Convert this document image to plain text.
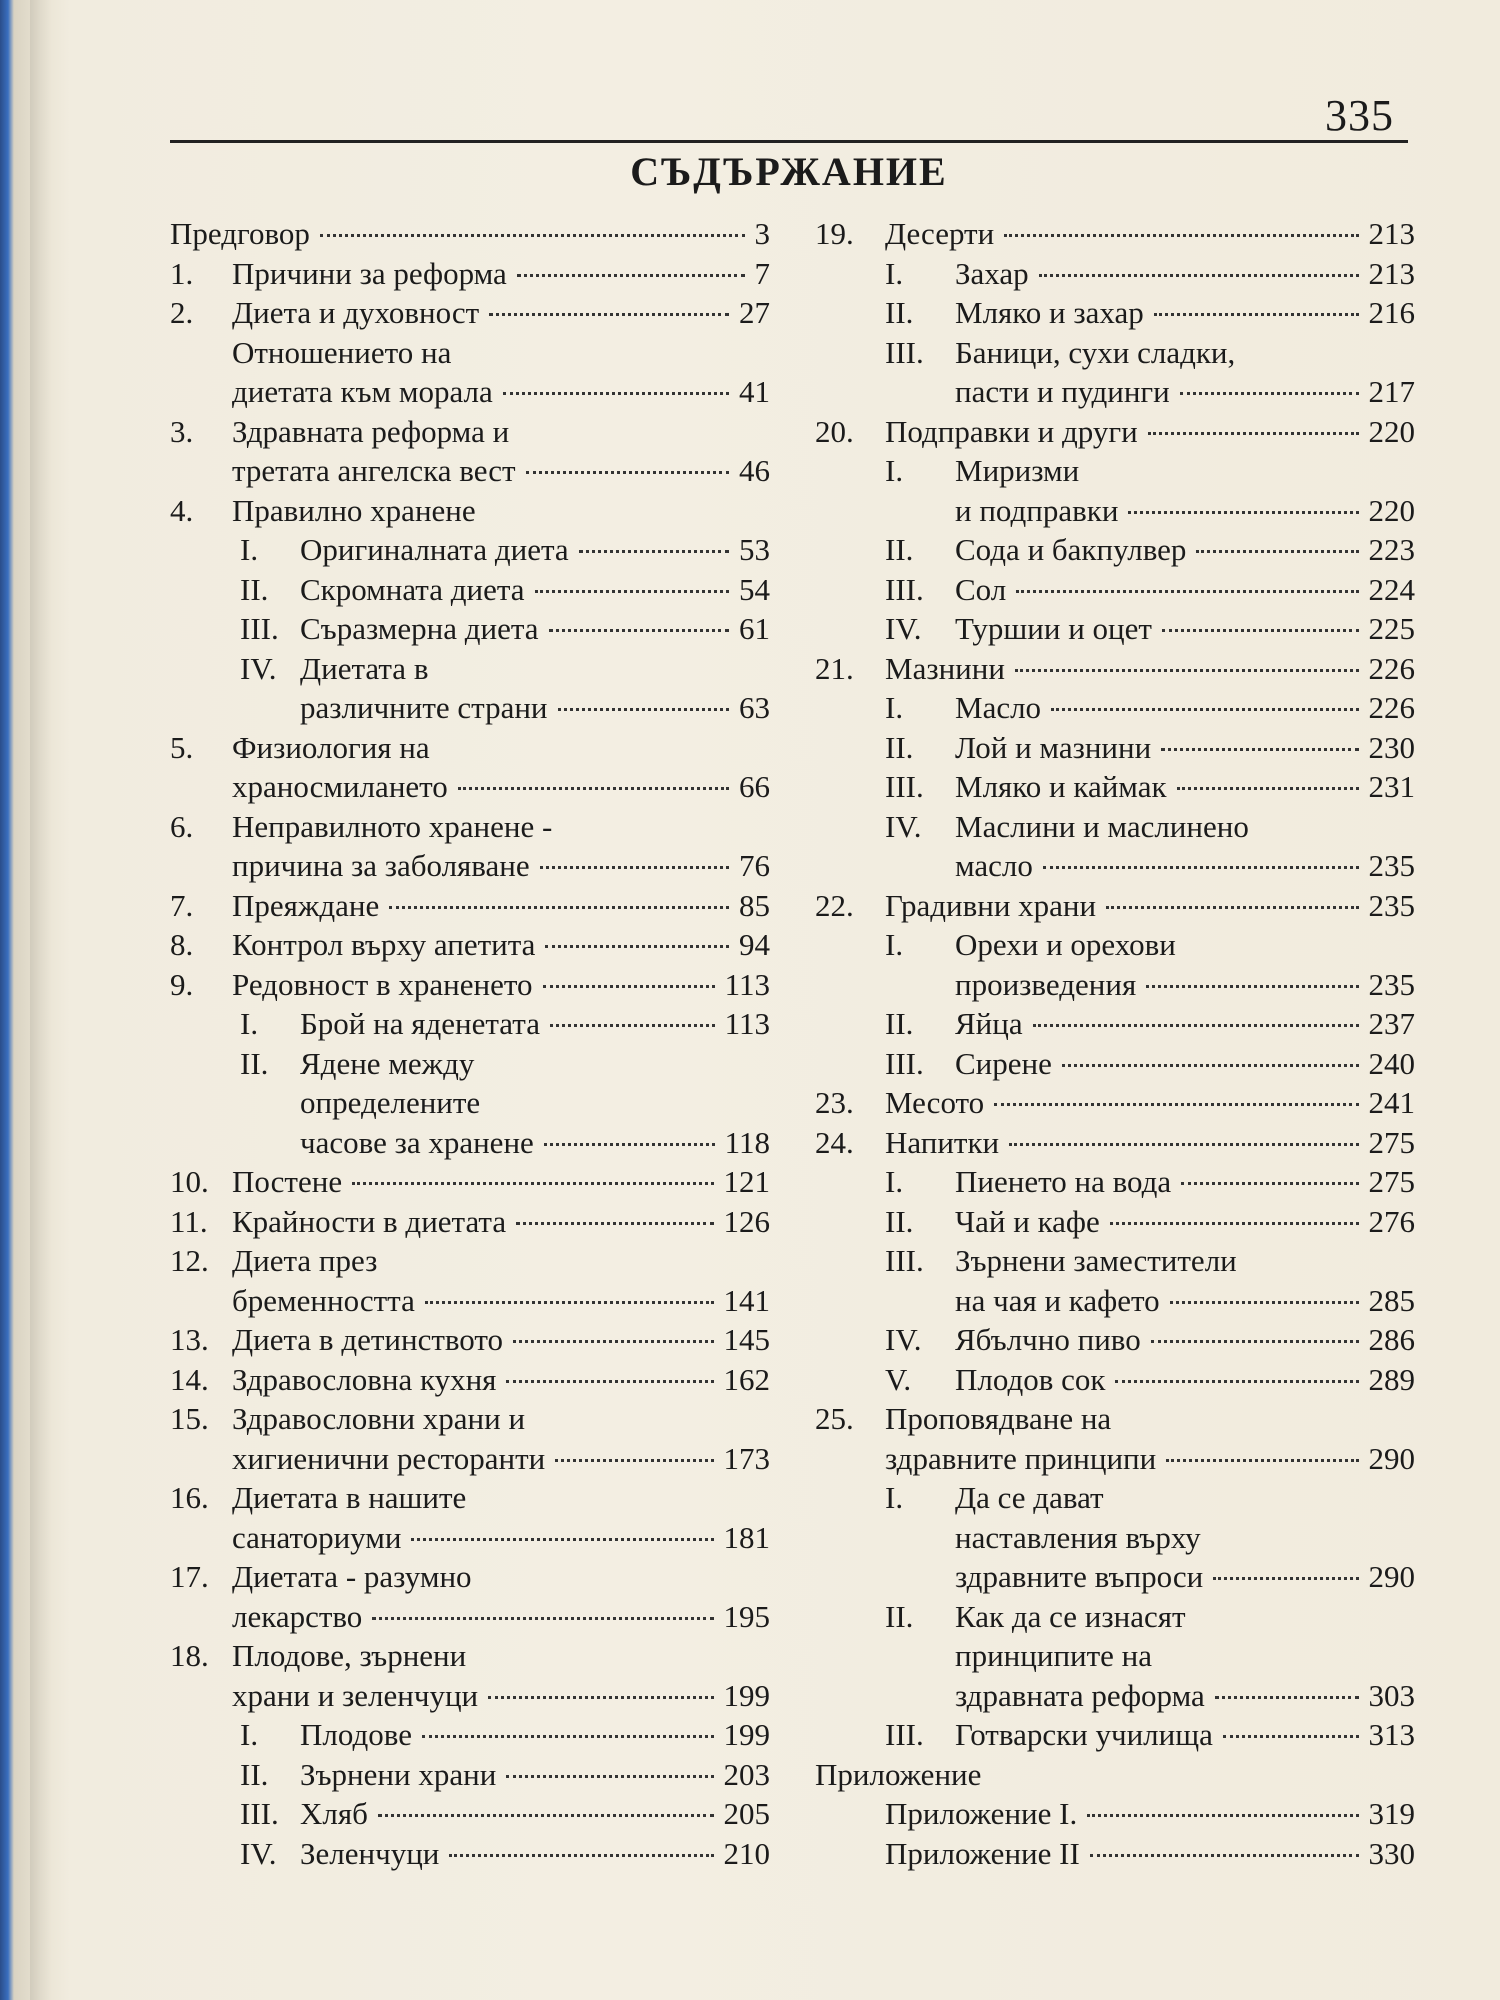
335
СЪДЪРЖАНИЕ
Предговор	3
1. Причини за реформа	7
2. Диета и духовност	27
Отношението на
диетата към морала	41
3. Здравната реформа и
третата ангелска вест	46
4. Правилно хранене
I. Оригиналната диета	53
II. Скромната диета	54
III. Съразмерна диета	61
IV. Диетата в
различните страни	63
5. Физиология на
храносмилането	66
6. Неправилното хранене -
причина за заболяване	76
7. Преяждане	85
8. Контрол върху апетита	94
9. Редовност в храненето	113
I. Брой на яденетата	113
II. Ядене между
определените
часове за хранене	118
10. Постене	121
11. Крайности в диетата	126
12. Диета през
бременността	141
13. Диета в детинството	145
14. Здравословна кухня	162
15. Здравословни храни и
хигиенични ресторанти	173
16. Диетата в нашите
санаториуми	181
17. Диетата - разумно
лекарство	195
18. Плодове, зърнени
храни и зеленчуци	199
I. Плодове	199
II. Зърнени храни	203
III. Хляб	205
IV. Зеленчуци	210
19. Десерти	213
I. Захар	213
II. Мляко и захар	216
III. Баници, сухи сладки,
пасти и пудинги	217
20. Подправки и други	220
I. Миризми
и подправки	220
II. Сода и бакпулвер	223
III. Сол	224
IV. Туршии и оцет	225
21. Мазнини	226
I. Масло	226
II. Лой и мазнини	230
III. Мляко и каймак	231
IV. Маслини и маслинено
масло	235
22. Градивни храни	235
I. Орехи и орехови
произведения	235
II. Яйца	237
III. Сирене	240
23. Месото	241
24. Напитки	275
I. Пиенето на вода	275
II. Чай и кафе	276
III. Зърнени заместители
на чая и кафето	285
IV. Ябълчно пиво	286
V. Плодов сок	289
25. Проповядване на
здравните принципи	290
I. Да се дават
наставления върху
здравните въпроси	290
II. Как да се изнасят
принципите на
здравната реформа	303
III. Готварски училища	313
Приложение
Приложение I.	319
Приложение II	330
